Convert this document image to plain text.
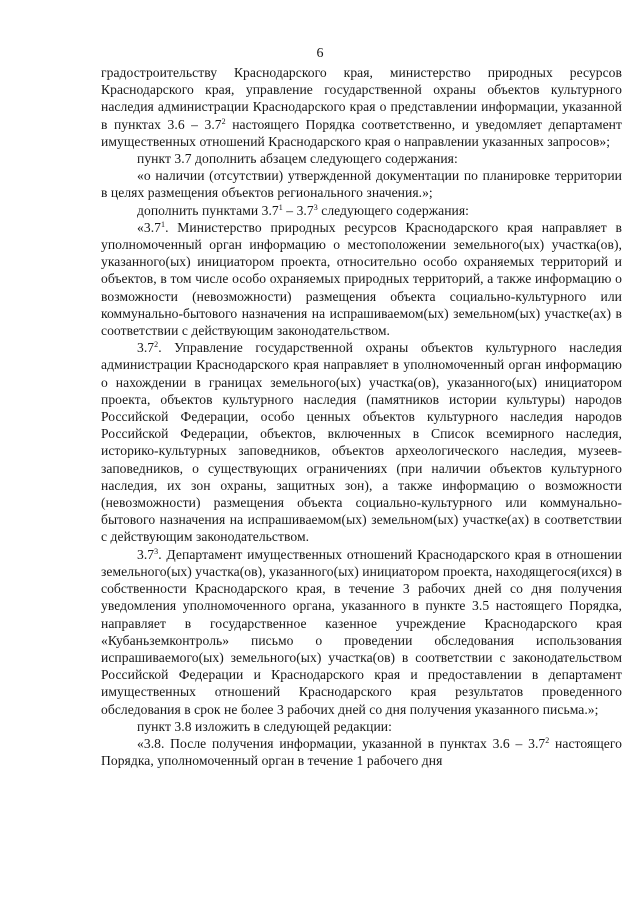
6

градостроительству Краснодарского края, министерство природных ресурсов Краснодарского края, управление государственной охраны объектов культурного наследия администрации Краснодарского края о представлении информации, указанной в пунктах $3.6 - 3.7^2$ настоящего Порядка соответственно, и уведомляет департамент имущественных отношений Краснодарского края о направлении указанных запросов»;

пункт 3.7 дополнить абзацем следующего содержания:

«о наличии (отсутствии) утвержденной документации по планировке территории в целях размещения объектов регионального значения.»;

дополнить пунктами $3.7^1 - 3.7^3$ следующего содержания:

«$3.7^1$. Министерство природных ресурсов Краснодарского края направляет в уполномоченный орган информацию о местоположении земельного(ых) участка(ов), указанного(ых) инициатором проекта, относительно особо охраняемых территорий и объектов, в том числе особо охраняемых природных территорий, а также информацию о возможности (невозможности) размещения объекта социально-культурного или коммунально-бытового назначения на испрашиваемом(ых) земельном(ых) участке(ах) в соответствии с действующим законодательством.

$3.7^2$. Управление государственной охраны объектов культурного наследия администрации Краснодарского края направляет в уполномоченный орган информацию о нахождении в границах земельного(ых) участка(ов), указанного(ых) инициатором проекта, объектов культурного наследия (памятников истории культуры) народов Российской Федерации, особо ценных объектов культурного наследия народов Российской Федерации, объектов, включенных в Список всемирного наследия, историко-культурных заповедников, объектов археологического наследия, музеев-заповедников, о существующих ограничениях (при наличии объектов культурного наследия, их зон охраны, защитных зон), а также информацию о возможности (невозможности) размещения объекта социально-культурного или коммунально-бытового назначения на испрашиваемом(ых) земельном(ых) участке(ах) в соответствии с действующим законодательством.

$3.7^3$. Департамент имущественных отношений Краснодарского края в отношении земельного(ых) участка(ов), указанного(ых) инициатором проекта, находящегося(ихся) в собственности Краснодарского края, в течение 3 рабочих дней со дня получения уведомления уполномоченного органа, указанного в пункте 3.5 настоящего Порядка, направляет в государственное казенное учреждение Краснодарского края «Кубаньземконтроль» письмо о проведении обследования использования испрашиваемого(ых) земельного(ых) участка(ов) в соответствии с законодательством Российской Федерации и Краснодарского края и предоставлении в департамент имущественных отношений Краснодарского края результатов проведенного обследования в срок не более 3 рабочих дней со дня получения указанного письма.»;

пункт 3.8 изложить в следующей редакции:

«3.8. После получения информации, указанной в пунктах $3.6 - 3.7^2$ настоящего Порядка, уполномоченный орган в течение 1 рабочего дня
